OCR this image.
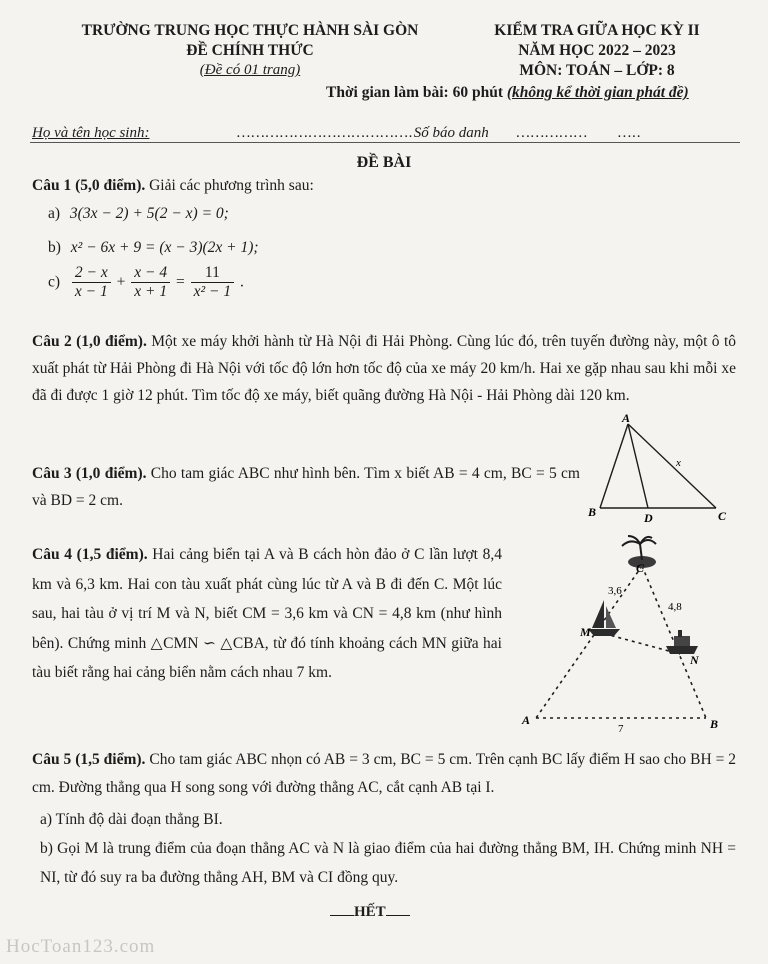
TRƯỜNG TRUNG HỌC THỰC HÀNH SÀI GÒN
ĐỀ CHÍNH THỨC
(Đề có 01 trang)
KIỂM TRA GIỮA HỌC KỲ II
NĂM HỌC 2022 – 2023
MÔN: TOÁN – LỚP: 8
Thời gian làm bài: 60 phút (không kể thời gian phát đề)
Họ và tên học sinh:	……………………………….Số báo danh …………… …..
ĐỀ BÀI
Câu 1 (5,0 điểm). Giải các phương trình sau:
a) 3(3x − 2) + 5(2 − x) = 0;
b) x² − 6x + 9 = (x − 3)(2x + 1);
$c) \frac{2 - x}{x - 1} + \frac{x - 4}{x + 1} = \frac{11}{\text{x² − 1}}$ .
Câu 2 (1,0 điểm). Một xe máy khởi hành từ Hà Nội đi Hải Phòng. Cùng lúc đó, trên tuyến đường này, một ô tô xuất phát từ Hải Phòng đi Hà Nội với tốc độ lớn hơn tốc độ của xe máy 20 km/h. Hai xe gặp nhau sau khi mỗi xe đã đi được 1 giờ 12 phút. Tìm tốc độ xe máy, biết quãng đường Hà Nội - Hải Phòng dài 120 km.
Câu 3 (1,0 điểm). Cho tam giác ABC như hình bên. Tìm x biết AB = 4 cm, BC = 5 cm và BD = 2 cm.
A
B	D	C
x
Câu 4 (1,5 điểm). Hai cảng biển tại A và B cách hòn đảo ở C lần lượt 8,4 km và 6,3 km. Hai con tàu xuất phát cùng lúc từ A và B đi đến C. Một lúc sau, hai tàu ở vị trí M và N, biết CM = 3,6 km và CN = 4,8 km (như hình bên). Chứng minh △CMN ∽ △CBA, từ đó tính khoảng cách MN giữa hai tàu biết rằng hai cảng biển nằm cách nhau 7 km.
C
M
N
A	B
3,6
4,8
7
Câu 5 (1,5 điểm). Cho tam giác ABC nhọn có AB = 3 cm, BC = 5 cm. Trên cạnh BC lấy điểm H sao cho BH = 2 cm. Đường thẳng qua H song song với đường thẳng AC, cắt cạnh AB tại I.
a) Tính độ dài đoạn thẳng BI.
b) Gọi M là trung điểm của đoạn thẳng AC và N là giao điểm của hai đường thẳng BM, IH. Chứng minh NH = NI, từ đó suy ra ba đường thẳng AH, BM và CI đồng quy.
HẾT
HocToan123.com
